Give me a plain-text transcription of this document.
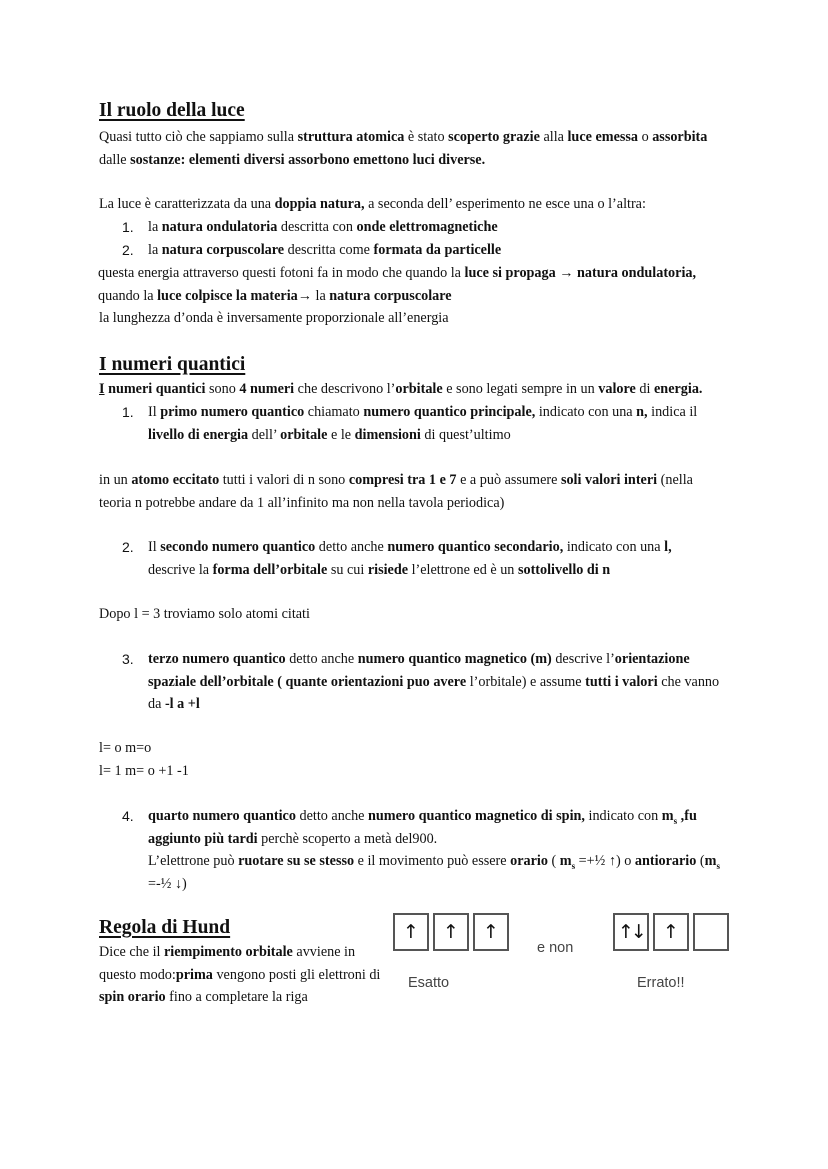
Il ruolo della luce

Quasi tutto ciò che sappiamo sulla struttura atomica è stato scoperto grazie alla luce emessa o assorbita dalle sostanze: elementi diversi assorbono emettono luci diverse.

La luce è caratterizzata da una doppia natura, a seconda dell’ esperimento ne esce una o l’altra:

1. la natura ondulatoria descritta con onde elettromagnetiche
2. la natura corpuscolare descritta come formata da particelle

questa energia attraverso questi fotoni fa in modo che quando la luce si propaga → natura ondulatoria, quando la luce colpisce la materia→ la natura corpuscolare

la lunghezza d’onda è inversamente proporzionale all’energia

I numeri quantici

I numeri quantici sono 4 numeri che descrivono l’orbitale e sono legati sempre in un valore di energia.

1. Il primo numero quantico chiamato numero quantico principale, indicato con una n, indica il livello di energia dell’ orbitale e le dimensioni di quest’ultimo

in un atomo eccitato tutti i valori di n sono compresi tra 1 e 7 e a può assumere soli valori interi (nella teoria n potrebbe andare da 1 all’infinito ma non nella tavola periodica)

2. Il secondo numero quantico detto anche numero quantico secondario, indicato con una l, descrive la forma dell’orbitale su cui risiede l’elettrone ed è un sottolivello di n

Dopo l = 3 troviamo solo atomi citati

3. terzo numero quantico detto anche numero quantico magnetico (m) descrive l’orientazione spaziale dell’orbitale ( quante orientazioni puo avere l’orbitale) e assume tutti i valori che vanno da -l a +l

l= o m=o

l= 1 m= o +1 -1

4. quarto numero quantico detto anche numero quantico magnetico di spin, indicato con $m_s$ ,fu aggiunto più tardi perchè scoperto a metà del900.
L’elettrone può ruotare su se stesso e il movimento può essere orario ( $m_s$ =+½ ↑) o antiorario ($m_s$ =-½ ↓)
Regola di Hund

Dice che il riempimento orbitale avviene in questo modo:prima vengono posti gli elettroni di spin orario fino a completare la riga

↑ ↑ ↑
e non
↑↓ ↑
Esatto	Errato!!
